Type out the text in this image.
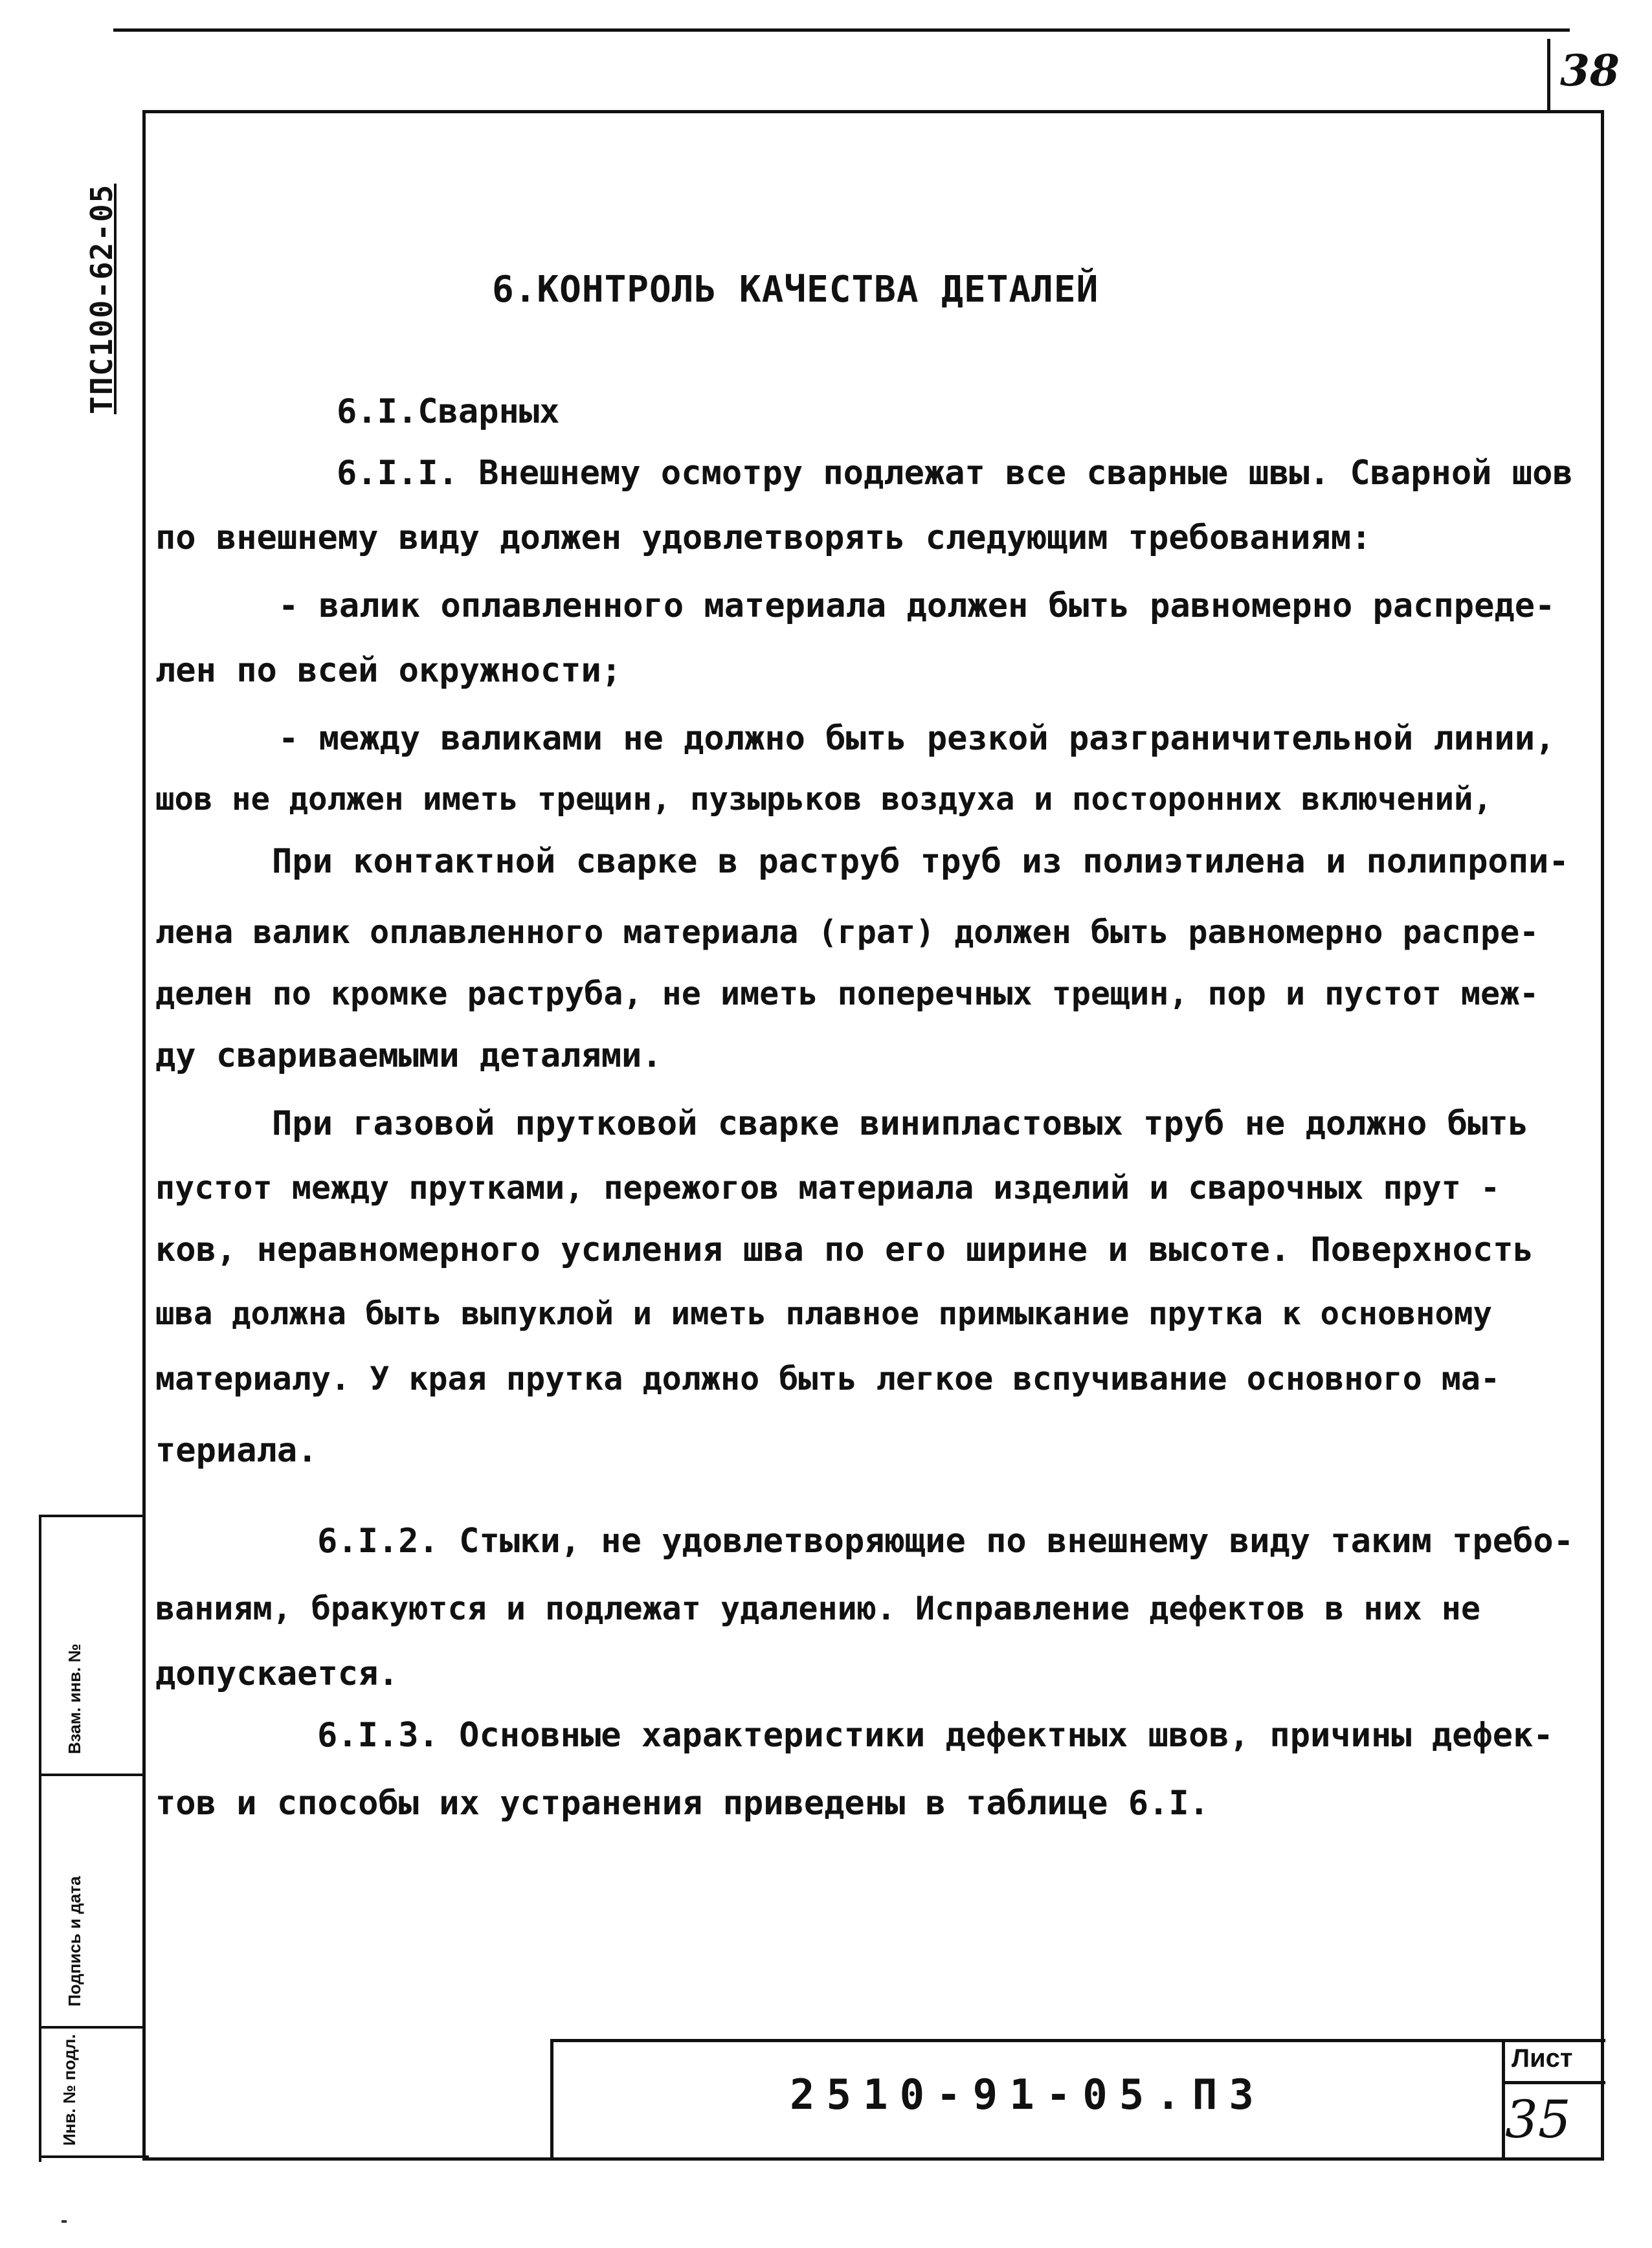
38
ТПС100-62-05
Взам. инв. №
Подпись и дата
Инв. № подл.
6.КОНТРОЛЬ КАЧЕСТВА ДЕТАЛЕЙ
6.I.Сварных
6.I.I. Внешнему осмотру подлежат все сварные швы. Сварной шов
по внешнему виду должен удовлетворять следующим требованиям:
- валик оплавленного материала должен быть равномерно распреде-
лен по всей окружности;
- между валиками не должно быть резкой разграничительной линии,
шов не должен иметь трещин, пузырьков воздуха и посторонних включений,
При контактной сварке в раструб труб из полиэтилена и полипропи-
лена валик оплавленного материала (грат) должен быть равномерно распре-
делен по кромке раструба, не иметь поперечных трещин, пор и пустот меж-
ду свариваемыми деталями.
При газовой прутковой сварке винипластовых труб не должно быть
пустот между прутками, пережогов материала изделий и сварочных прут -
ков, неравномерного усиления шва по его ширине и высоте. Поверхность
шва должна быть выпуклой и иметь плавное примыкание прутка к основному
материалу. У края прутка должно быть легкое вспучивание основного ма-
териала.
6.I.2. Стыки, не удовлетворяющие по внешнему виду таким требо-
ваниям, бракуются и подлежат удалению. Исправление дефектов в них не
допускается.
6.I.3. Основные характеристики дефектных швов, причины дефек-
тов и способы их устранения приведены в таблице 6.I.
2510-91-05.ПЗ
Лист
35
